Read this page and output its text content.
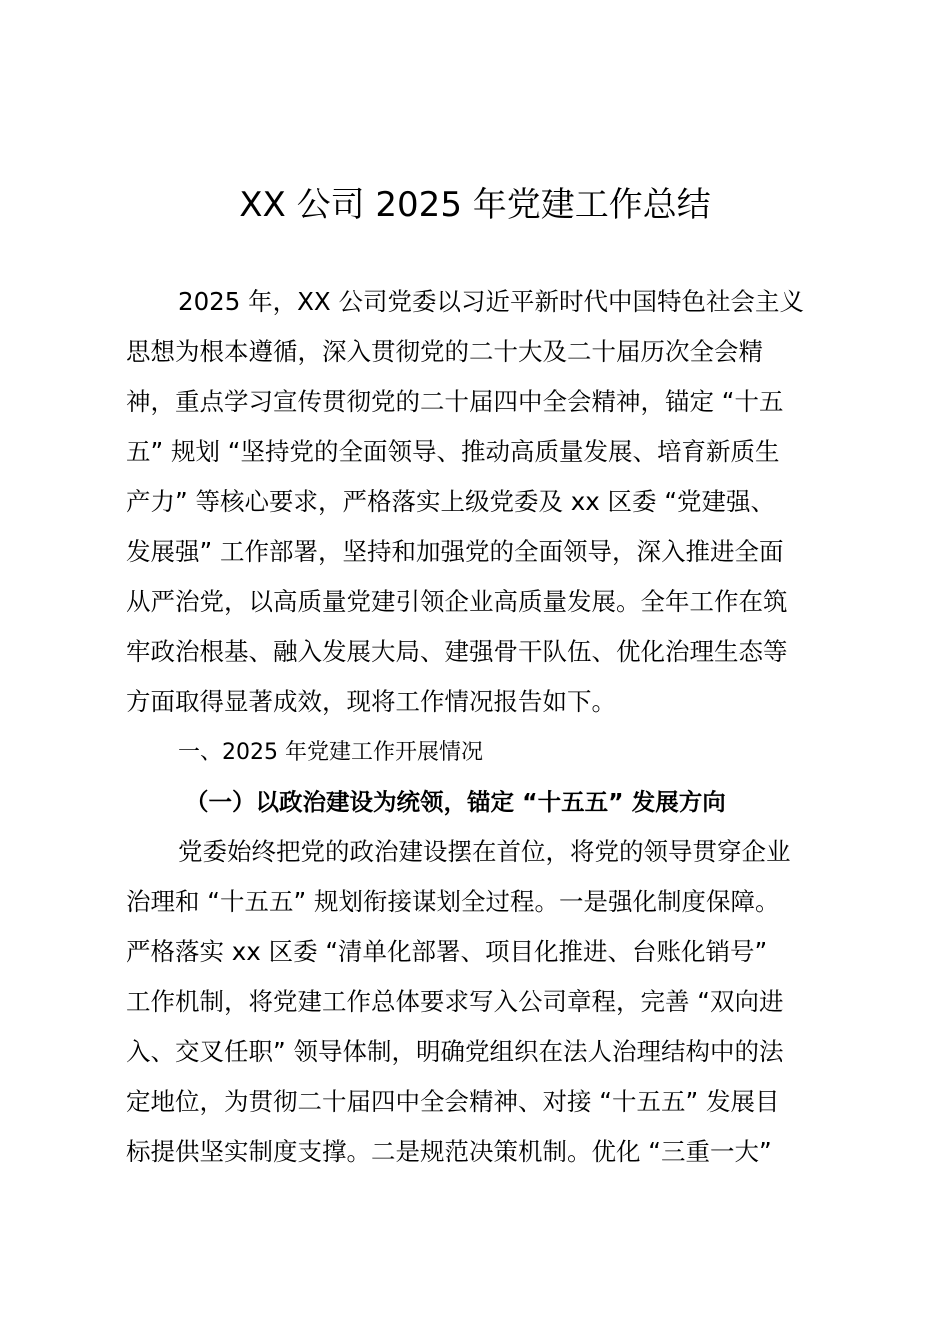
XX 公司 2025 年党建工作总结
2025 年，XX 公司党委以习近平新时代中国特色社会主义
思想为根本遵循，深入贯彻党的二十大及二十届历次全会精
神，重点学习宣传贯彻党的二十届四中全会精神，锚定 “十五
五” 规划 “坚持党的全面领导、推动高质量发展、培育新质生
产力” 等核心要求，严格落实上级党委及 xx 区委 “党建强、
发展强” 工作部署，坚持和加强党的全面领导，深入推进全面
从严治党，以高质量党建引领企业高质量发展。全年工作在筑
牢政治根基、融入发展大局、建强骨干队伍、优化治理生态等
方面取得显著成效，现将工作情况报告如下。
一、2025 年党建工作开展情况
（一）以政治建设为统领，锚定 “十五五” 发展方向
党委始终把党的政治建设摆在首位，将党的领导贯穿企业
治理和 “十五五” 规划衔接谋划全过程。一是强化制度保障。
严格落实 xx 区委 “清单化部署、项目化推进、台账化销号”
工作机制，将党建工作总体要求写入公司章程，完善 “双向进
入、交叉任职” 领导体制，明确党组织在法人治理结构中的法
定地位，为贯彻二十届四中全会精神、对接 “十五五” 发展目
标提供坚实制度支撑。二是规范决策机制。优化 “三重一大”
